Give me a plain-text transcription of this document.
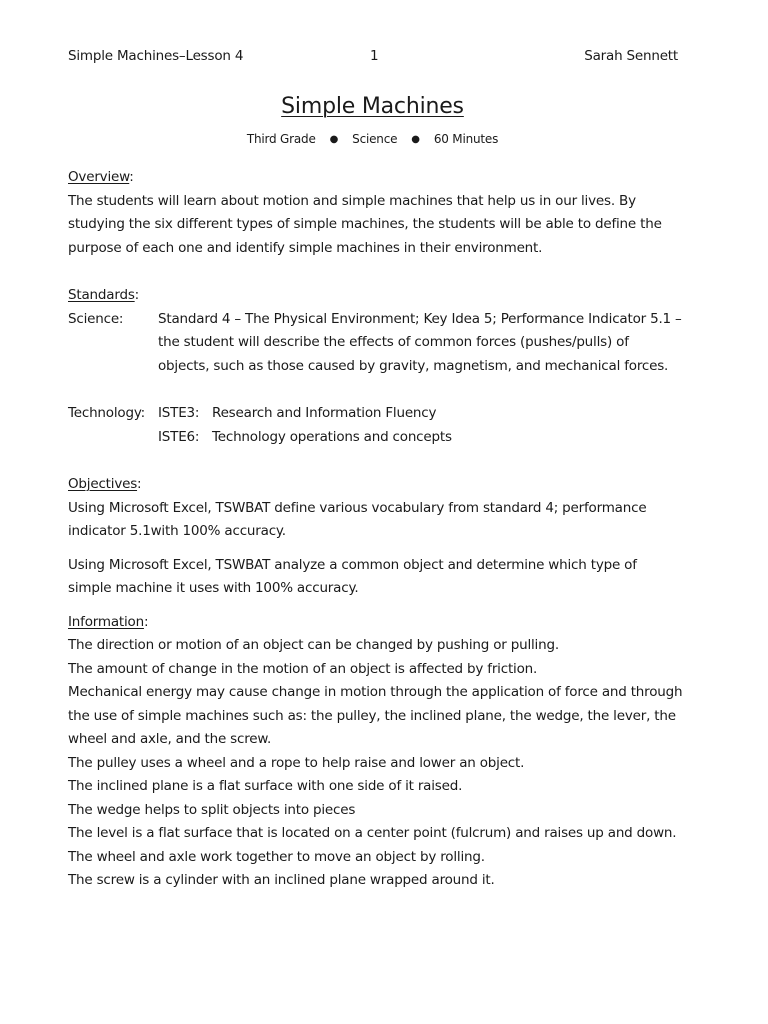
Simple Machines–Lesson 4	1	Sarah Sennett
Simple Machines
Third Grade ● Science ● 60 Minutes

Overview:

The students will learn about motion and simple machines that help us in our lives. By studying the six different types of simple machines, the students will be able to define the purpose of each one and identify simple machines in their environment.

Standards:

Science:	Standard 4 – The Physical Environment; Key Idea 5; Performance Indicator 5.1 –the student will describe the effects of common forces (pushes/pulls) of objects, such as those caused by gravity, magnetism, and mechanical forces.
Technology: ISTE3: Research and Information Fluency
ISTE6: Technology operations and concepts

Objectives:

Using Microsoft Excel, TSWBAT define various vocabulary from standard 4; performance indicator 5.1with 100% accuracy.

Using Microsoft Excel, TSWBAT analyze a common object and determine which type of simple machine it uses with 100% accuracy.

Information:

The direction or motion of an object can be changed by pushing or pulling.

The amount of change in the motion of an object is affected by friction.

Mechanical energy may cause change in motion through the application of force and through the use of simple machines such as: the pulley, the inclined plane, the wedge, the lever, the wheel and axle, and the screw.

The pulley uses a wheel and a rope to help raise and lower an object.

The inclined plane is a flat surface with one side of it raised.

The wedge helps to split objects into pieces

The level is a flat surface that is located on a center point (fulcrum) and raises up and down.

The wheel and axle work together to move an object by rolling.

The screw is a cylinder with an inclined plane wrapped around it.
